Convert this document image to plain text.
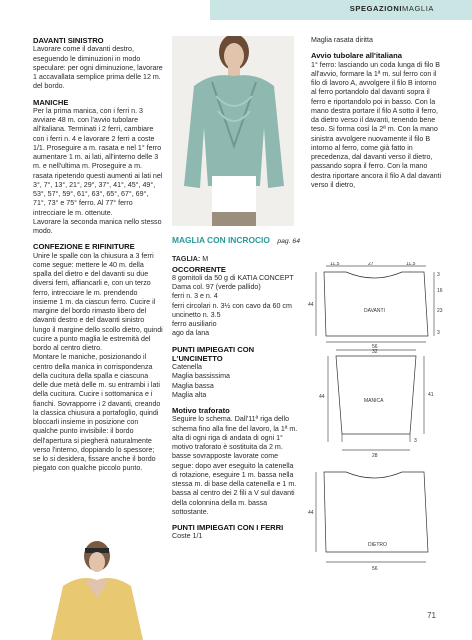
SPEGAZIONIMAGLIA

DAVANTI SINISTRO

Lavorare come il davanti destro, eseguendo le diminuzioni in modo speculare: per ogni diminuzione, lavorare 1 accavallata semplice prima delle 12 m. del bordo.

MANICHE

Per la prima manica, con i ferri n. 3 avviare 48 m. con l'avvio tubolare all'italiana. Terminati i 2 ferri, cambiare con i ferri n. 4 e lavorare 2 ferri a coste 1/1. Proseguire a m. rasata e nel 1° ferro aumentare 1 m. ai lati, all'interno delle 3 m. e nell'ultima m. Proseguire a m. rasata ripetendo questi aumenti ai lati nel 3°, 7°, 13°, 21°, 29°, 37°, 41°, 45°, 49°, 53°, 57°, 59°, 61°, 63°, 65°, 67°, 69°, 71°, 73° e 75° ferro. Al 77° ferro intrecciare le m. ottenute.

Lavorare la seconda manica nello stesso modo.

CONFEZIONE E RIFINITURE

Unire le spalle con la chiusura a 3 ferri come segue: mettere le 40 m. della spalla del dietro e del davanti su due diversi ferri, affiancarli e, con un terzo ferro, intrecciare le m. prendendo insieme 1 m. da ciascun ferro. Cucire il margine del bordo rimasto libero del davanti destro e del davanti sinistro lungo il margine dello scollo dietro, quindi cucire a punto maglia le estremità del bordo al centro dietro.

Montare le maniche, posizionando il centro della manica in corrispondenza della cucitura della spalla e ciascuna delle due metà delle m. su entrambi i lati della cucitura. Cucire i sottomanica e i fianchi. Sovrapporre i 2 davanti, creando la classica chiusura a portafoglio, quindi bloccarli insieme in posizione con qualche punto invisibile: il bordo dell'apertura si piegherà naturalmente verso l'interno, doppiando lo spessore; se lo si desidera, fissare anche il bordo piegato con qualche piccolo punto.

MAGLIA CON INCROCIO pag. 64

TAGLIA: M

OCCORRENTE

8 gomitoli da 50 g di KATIA CONCEPT Dama col. 97 (verde pallido)

ferri n. 3 e n. 4

ferri circolari n. 3½ con cavo da 60 cm

uncinetto n. 3.5

ferro ausiliario

ago da lana

PUNTI IMPIEGATI CON L'UNCINETTO

Catenella

Maglia bassissima

Maglia bassa

Maglia alta

Motivo traforato

Seguire lo schema. Dall'11ª riga dello schema fino alla fine del lavoro, la 1ª m. alta di ogni riga di andata di ogni 1° motivo traforato è sostituita da 2 m. basse sovrapposte lavorate come segue: dopo aver eseguito la catenella di rotazione, eseguire 1 m. bassa nella stessa m. di base della catenella e 1 m. bassa al centro dei 2 fili a V sul davanti della colonnina della m. bassa sottostante.

PUNTI IMPIEGATI CON I FERRI

Coste 1/1

Maglia rasata diritta

Avvio tubolare all'italiana

1° ferro: lasciando un coda lunga di filo B all'avvio, formare la 1ª m. sul ferro con il filo di lavoro A, avvolgere il filo B intorno al ferro portandolo dal davanti sopra il ferro e riportandolo poi in basso. Con la mano destra portare il filo A sotto il ferro, da dietro verso il davanti, tenendo bene teso. Si forma così la 2ª m. Con la mano sinistra avvolgere nuovamente il filo B intorno al ferro, come già fatto in precedenza, dal davanti verso il dietro, passando sopra il ferro. Con la mano destra riportare ancora il filo A dal davanti verso il dietro,

11,5	27	11,5
DAVANTI
56
44
3
16
23
3
32
MANICA
44	41
3
28
DIETRO
44
56
71
